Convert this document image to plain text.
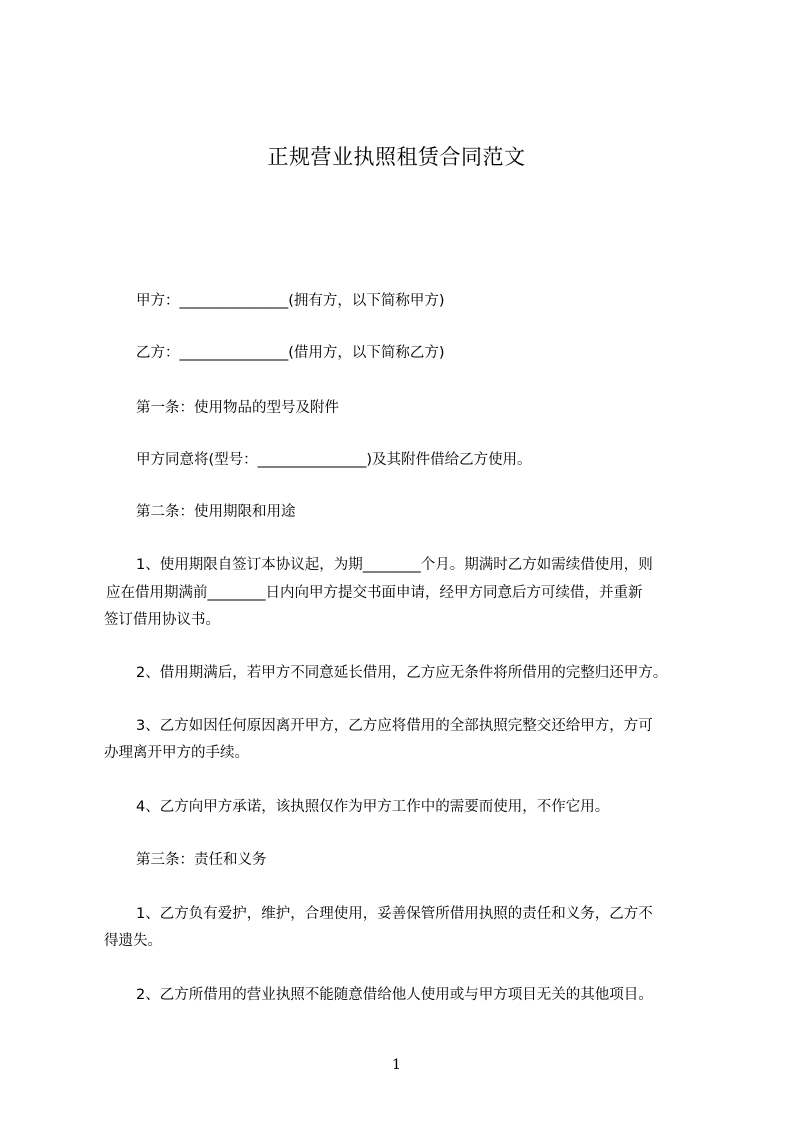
正规营业执照租赁合同范文
甲方：_______________(拥有方，以下简称甲方)
乙方：_______________(借用方，以下简称乙方)
第一条：使用物品的型号及附件
甲方同意将(型号：_______________)及其附件借给乙方使用。
第二条：使用期限和用途
1、使用期限自签订本协议起，为期________个月。期满时乙方如需续借使用，则
应在借用期满前________日内向甲方提交书面申请，经甲方同意后方可续借，并重新
签订借用协议书。
2、借用期满后，若甲方不同意延长借用，乙方应无条件将所借用的完整归还甲方。
3、乙方如因任何原因离开甲方，乙方应将借用的全部执照完整交还给甲方，方可
办理离开甲方的手续。
4、乙方向甲方承诺，该执照仅作为甲方工作中的需要而使用，不作它用。
第三条：责任和义务
1、乙方负有爱护，维护，合理使用，妥善保管所借用执照的责任和义务，乙方不
得遗失。
2、乙方所借用的营业执照不能随意借给他人使用或与甲方项目无关的其他项目。
1
